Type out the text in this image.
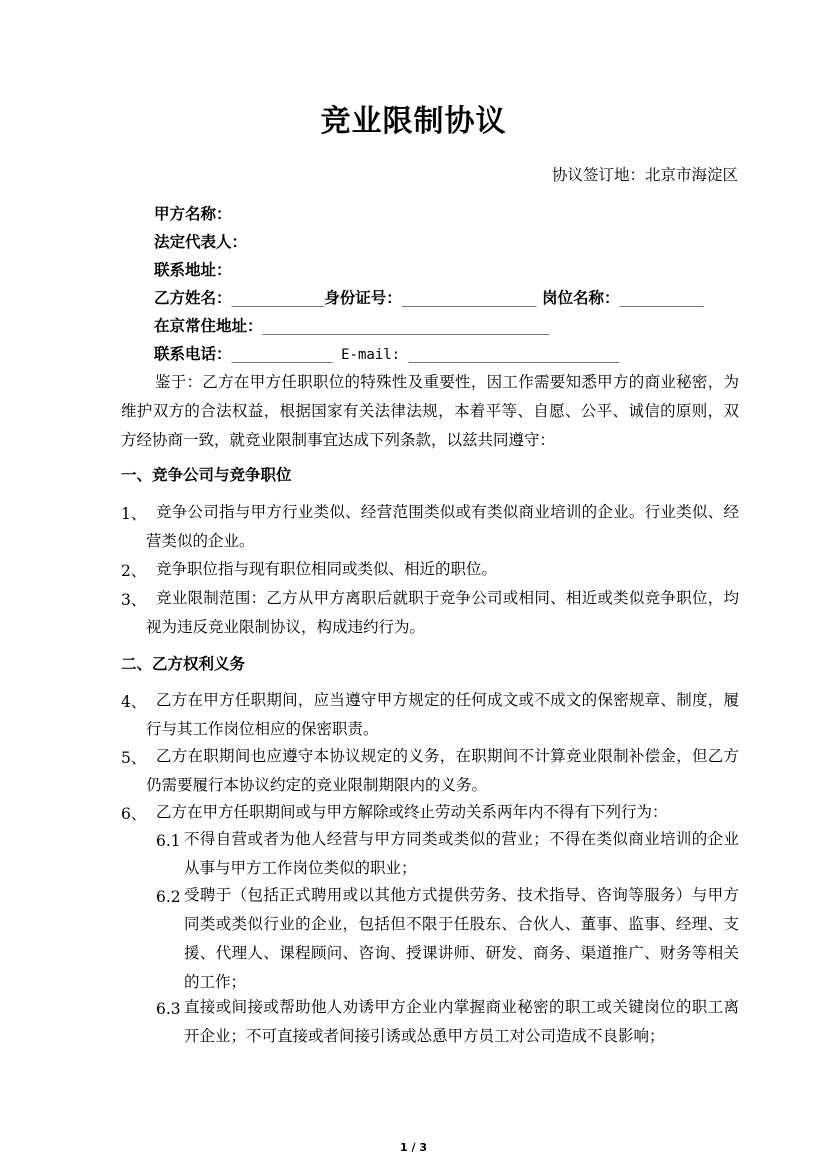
竞业限制协议
协议签订地：北京市海淀区
甲方名称：
法定代表人：
联系地址：
乙方姓名：___________身份证号：________________ 岗位名称：__________
在京常住地址：__________________________________
联系电话：____________ E-mail: _________________________
鉴于：乙方在甲方任职职位的特殊性及重要性，因工作需要知悉甲方的商业秘密，为维护双方的合法权益，根据国家有关法律法规，本着平等、自愿、公平、诚信的原则，双方经协商一致，就竞业限制事宜达成下列条款，以兹共同遵守：
一、竞争公司与竞争职位
1、 竞争公司指与甲方行业类似、经营范围类似或有类似商业培训的企业。行业类似、经营类似的企业。
2、 竞争职位指与现有职位相同或类似、相近的职位。
3、 竞业限制范围：乙方从甲方离职后就职于竞争公司或相同、相近或类似竞争职位，均视为违反竞业限制协议，构成违约行为。
二、乙方权利义务
4、 乙方在甲方任职期间，应当遵守甲方规定的任何成文或不成文的保密规章、制度，履行与其工作岗位相应的保密职责。
5、 乙方在职期间也应遵守本协议规定的义务，在职期间不计算竞业限制补偿金，但乙方仍需要履行本协议约定的竞业限制期限内的义务。
6、 乙方在甲方任职期间或与甲方解除或终止劳动关系两年内不得有下列行为：
6.1 不得自营或者为他人经营与甲方同类或类似的营业；不得在类似商业培训的企业从事与甲方工作岗位类似的职业；
6.2 受聘于（包括正式聘用或以其他方式提供劳务、技术指导、咨询等服务）与甲方同类或类似行业的企业，包括但不限于任股东、合伙人、董事、监事、经理、支援、代理人、课程顾问、咨询、授课讲师、研发、商务、渠道推广、财务等相关的工作；
6.3 直接或间接或帮助他人劝诱甲方企业内掌握商业秘密的职工或关键岗位的职工离开企业；不可直接或者间接引诱或怂恿甲方员工对公司造成不良影响；
1 / 3
